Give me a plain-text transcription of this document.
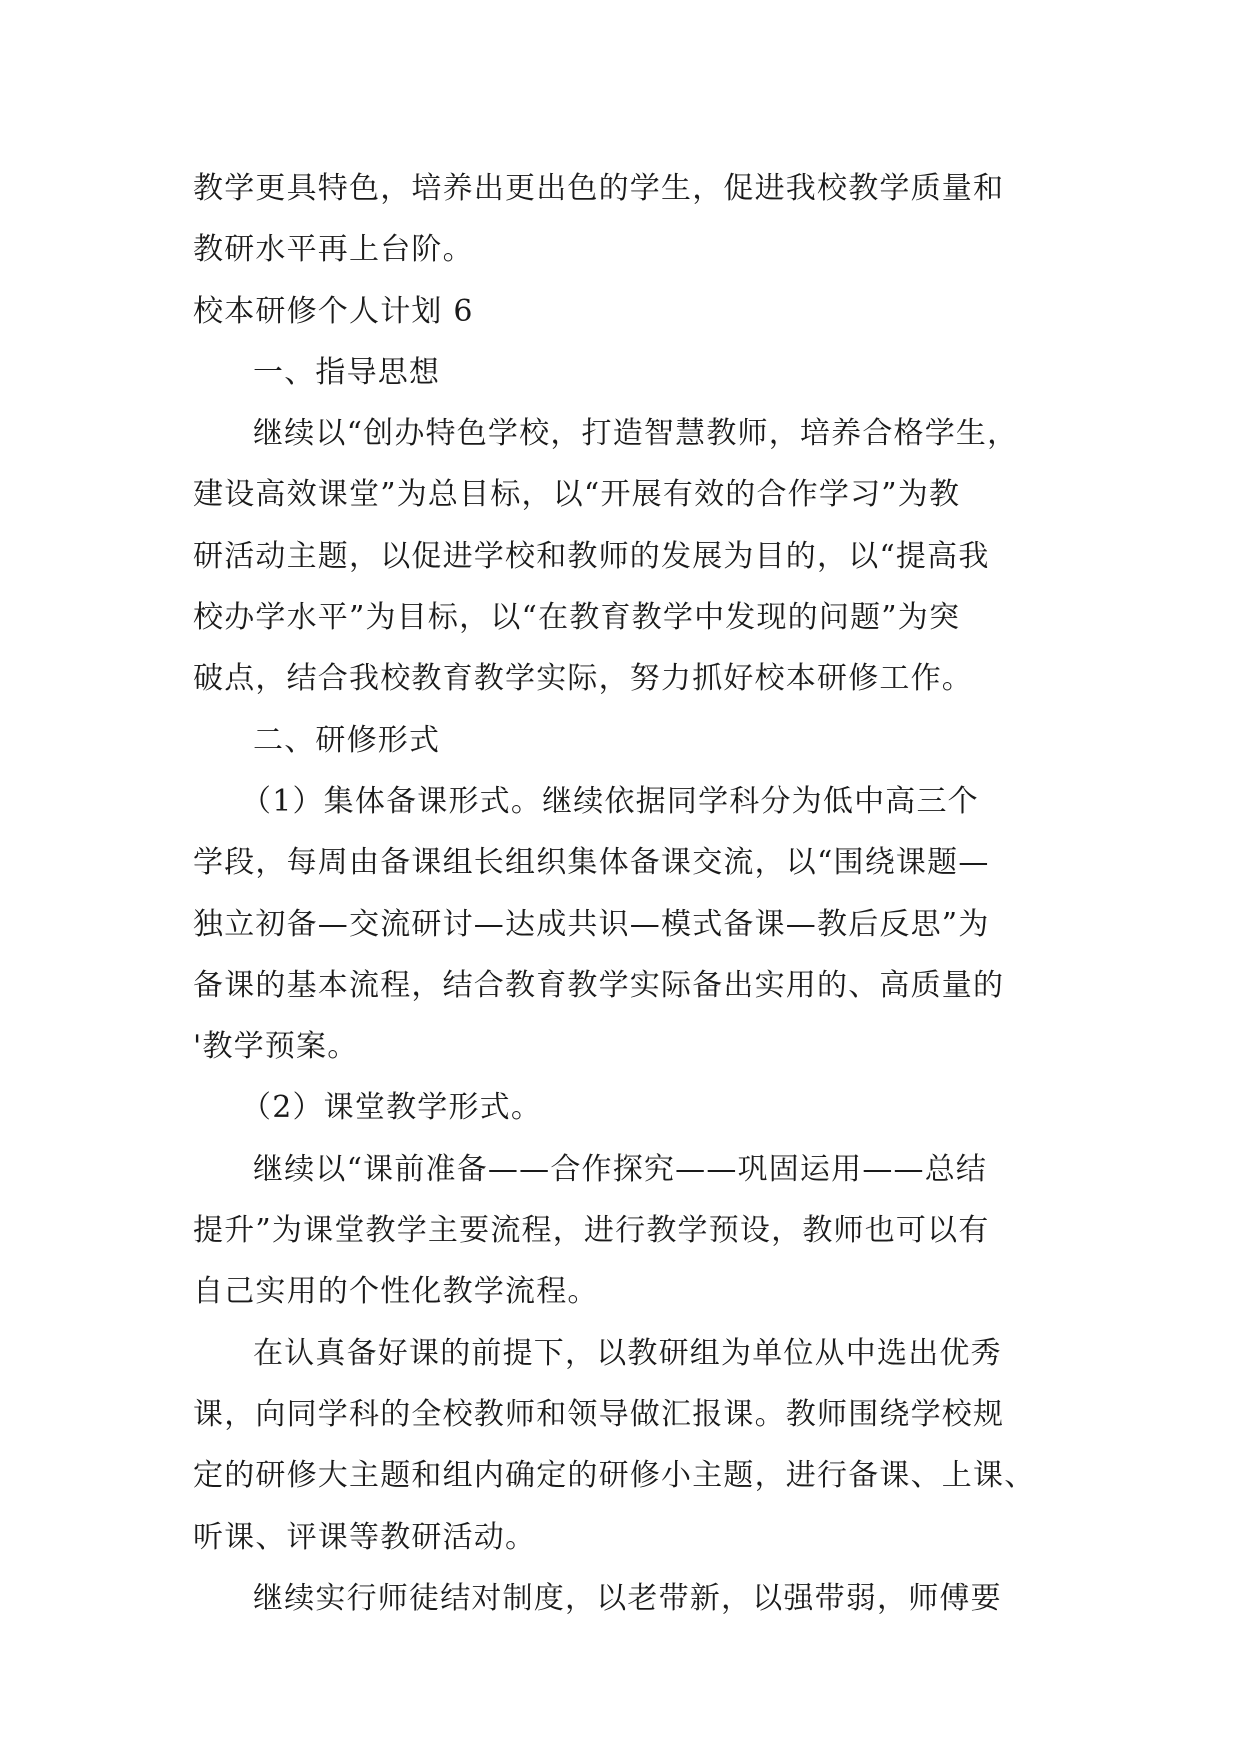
教学更具特色，培养出更出色的学生，促进我校教学质量和
教研水平再上台阶。
校本研修个人计划 6
一、指导思想
继续以“创办特色学校，打造智慧教师，培养合格学生，
建设高效课堂”为总目标，以“开展有效的合作学习”为教
研活动主题，以促进学校和教师的发展为目的，以“提高我
校办学水平”为目标，以“在教育教学中发现的问题”为突
破点，结合我校教育教学实际，努力抓好校本研修工作。
二、研修形式
（1）集体备课形式。继续依据同学科分为低中高三个
学段，每周由备课组长组织集体备课交流，以“围绕课题—
独立初备—交流研讨—达成共识—模式备课—教后反思”为
备课的基本流程，结合教育教学实际备出实用的、高质量的
'教学预案。
（2）课堂教学形式。
继续以“课前准备——合作探究——巩固运用——总结
提升”为课堂教学主要流程，进行教学预设，教师也可以有
自己实用的个性化教学流程。
在认真备好课的前提下，以教研组为单位从中选出优秀
课，向同学科的全校教师和领导做汇报课。教师围绕学校规
定的研修大主题和组内确定的研修小主题，进行备课、上课、
听课、评课等教研活动。
继续实行师徒结对制度，以老带新，以强带弱，师傅要
